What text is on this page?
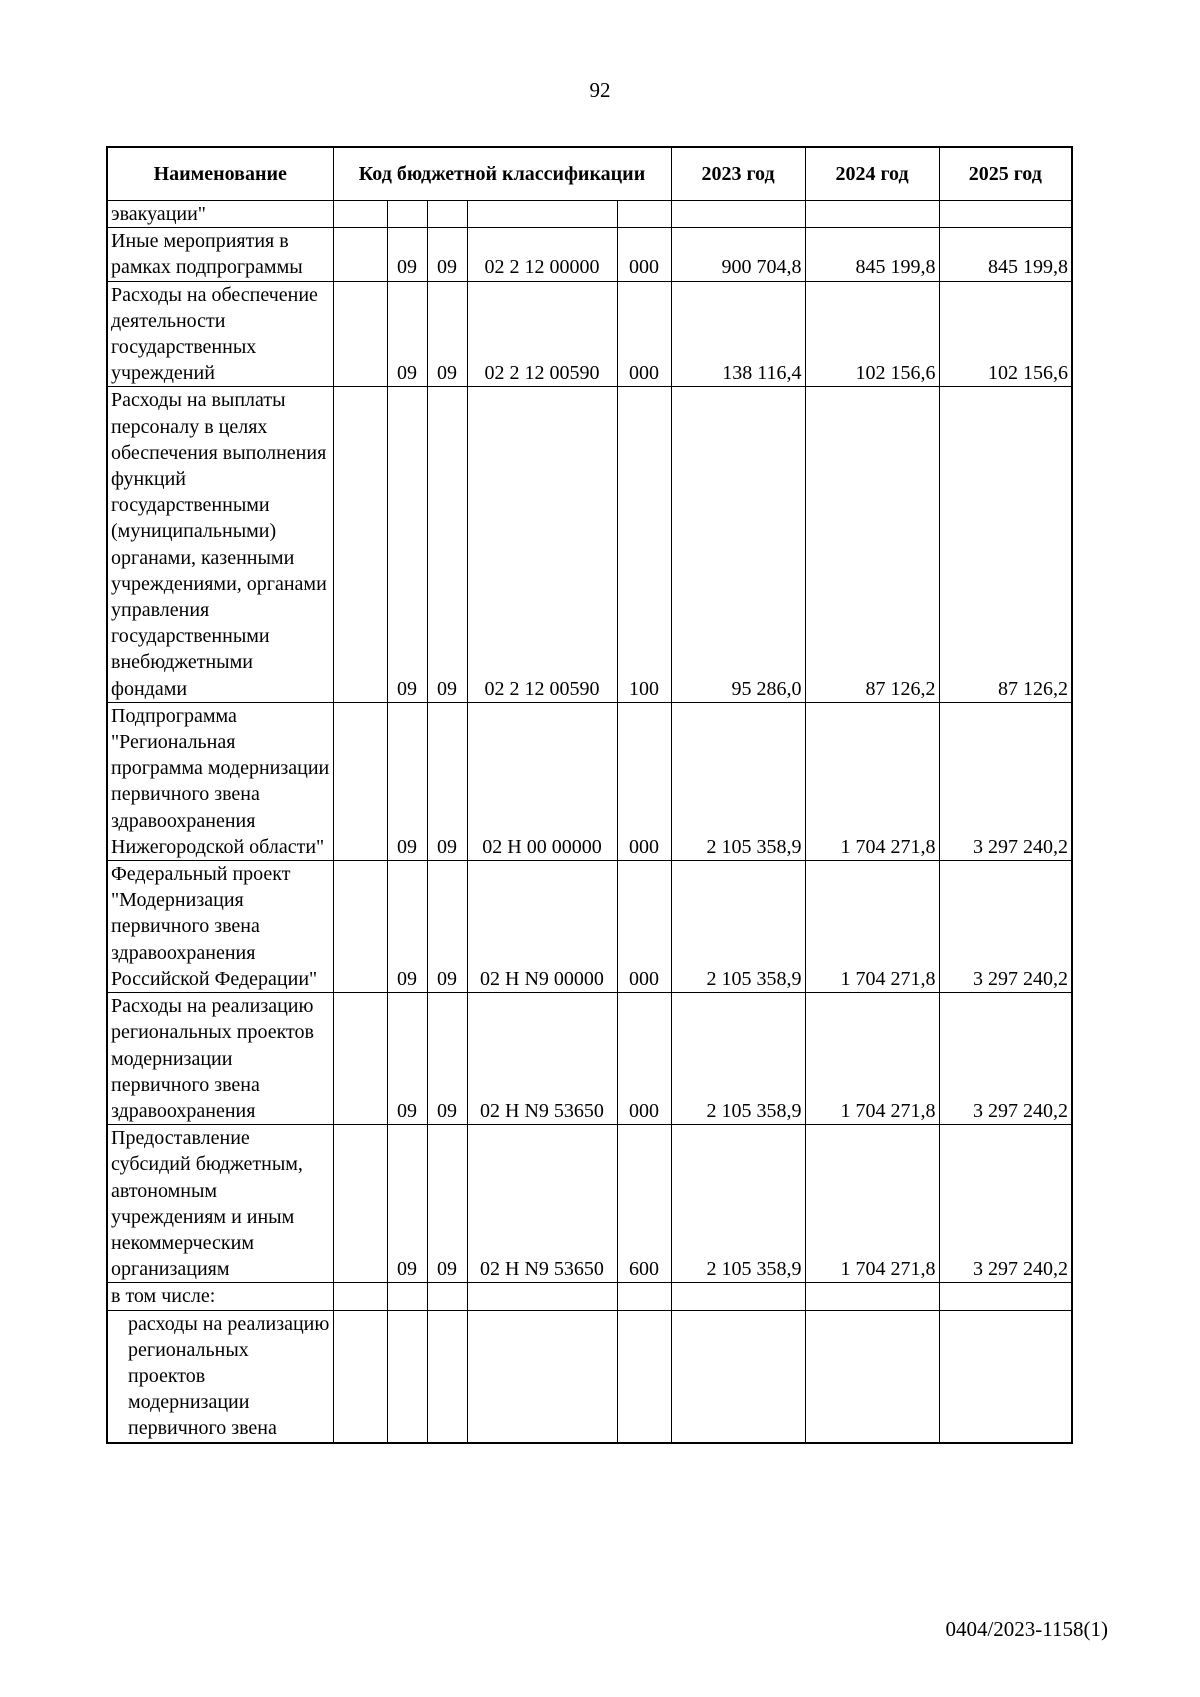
92
Наименование	Код бюджетной классификации					2023 год	2024 год	2025 год
эвакуации"								
Иные мероприятия в рамках подпрограммы		09	09	02 2 12 00000	000	900 704,8	845 199,8	845 199,8
Расходы на обеспечение деятельности государственных учреждений		09	09	02 2 12 00590	000	138 116,4	102 156,6	102 156,6
Расходы на выплаты персоналу в целях обеспечения выполнения функций государственными (муниципальными) органами, казенными учреждениями, органами управления государственными внебюджетными фондами		09	09	02 2 12 00590	100	95 286,0	87 126,2	87 126,2
Подпрограмма "Региональная программа модернизации первичного звена здравоохранения Нижегородской области"		09	09	02 Н 00 00000	000	2 105 358,9	1 704 271,8	3 297 240,2
Федеральный проект "Модернизация первичного звена здравоохранения Российской Федерации"		09	09	02 Н N9 00000	000	2 105 358,9	1 704 271,8	3 297 240,2
Расходы на реализацию региональных проектов модернизации первичного звена здравоохранения		09	09	02 Н N9 53650	000	2 105 358,9	1 704 271,8	3 297 240,2
Предоставление субсидий бюджетным, автономным учреждениям и иным некоммерческим организациям		09	09	02 Н N9 53650	600	2 105 358,9	1 704 271,8	3 297 240,2
в том числе:								
расходы на реализацию региональных проектов модернизации первичного звена								
0404/2023-1158(1)
